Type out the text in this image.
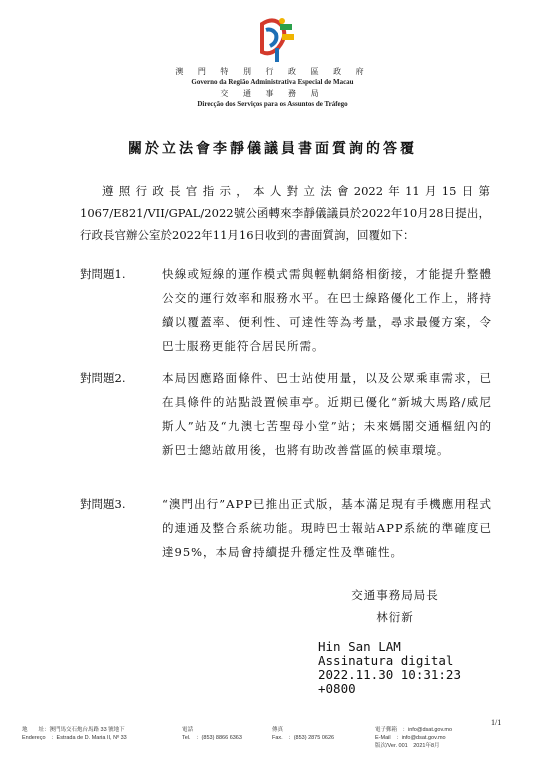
澳 門 特 別 行 政 區 政 府
Governo da Região Administrativa Especial de Macau
交 通 事 務 局
Direcção dos Serviços para os Assuntos de Tráfego
關於立法會李靜儀議員書面質詢的答覆
遵照行政長官指示，本人對立法會2022年11月15日第1067/E821/VII/GPAL/2022號公函轉來李靜儀議員於2022年10月28日提出，行政長官辦公室於2022年11月16日收到的書面質詢，回覆如下：
對問題1.	快線或短線的運作模式需與輕軌網絡相銜接，才能提升整體公交的運行效率和服務水平。在巴士線路優化工作上，將持續以覆蓋率、便利性、可達性等為考量，尋求最優方案，令巴士服務更能符合居民所需。
對問題2.	本局因應路面條件、巴士站使用量，以及公眾乘車需求，已在具條件的站點設置候車亭。近期已優化“新城大馬路/威尼斯人”站及“九澳七苦聖母小堂”站；未來媽閣交通樞紐內的新巴士總站啟用後，也將有助改善當區的候車環境。
對問題3.	“澳門出行”APP已推出正式版，基本滿足現有手機應用程式的連通及整合系統功能。現時巴士報站APP系統的準確度已達95%，本局會持續提升穩定性及準確性。
交通事務局局長
林衍新
Hin San LAM
Assinatura digital
2022.11.30 10:31:23
+0800
1/1
地　　址：澳門馬交石炮台馬路 33 號地下
Endereço　：Estrada de D. Maria II, Nº 33
電話
Tel.　：(853) 8866 6363
傳真
Fax.　：(853) 2875 0626
電子郵箱　：info@dsat.gov.mo
E-Mail　：info@dsat.gov.mo
版次/Ver. 001　2021年8月
